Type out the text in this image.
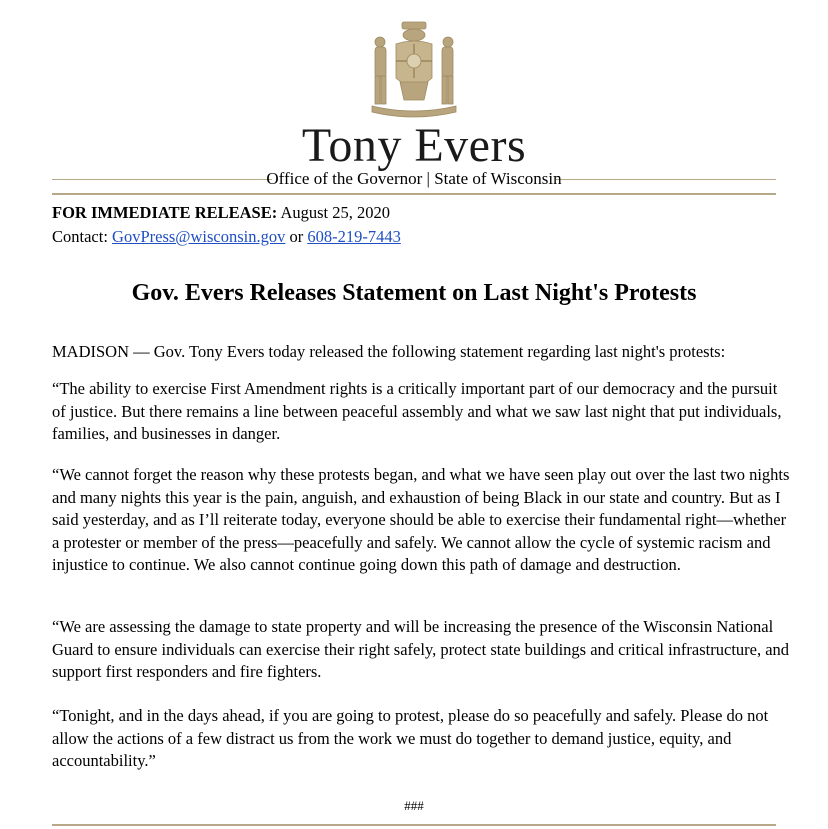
Tony Evers
Office of the Governor | State of Wisconsin
FOR IMMEDIATE RELEASE: August 25, 2020
Contact: GovPress@wisconsin.gov or 608-219-7443
Gov. Evers Releases Statement on Last Night's Protests
MADISON — Gov. Tony Evers today released the following statement regarding last night's protests:
“The ability to exercise First Amendment rights is a critically important part of our democracy and the pursuit of justice. But there remains a line between peaceful assembly and what we saw last night that put individuals, families, and businesses in danger.
“We cannot forget the reason why these protests began, and what we have seen play out over the last two nights and many nights this year is the pain, anguish, and exhaustion of being Black in our state and country. But as I said yesterday, and as I’ll reiterate today, everyone should be able to exercise their fundamental right—whether a protester or member of the press—peacefully and safely. We cannot allow the cycle of systemic racism and injustice to continue. We also cannot continue going down this path of damage and destruction.
“We are assessing the damage to state property and will be increasing the presence of the Wisconsin National Guard to ensure individuals can exercise their right safely, protect state buildings and critical infrastructure, and support first responders and fire fighters.
“Tonight, and in the days ahead, if you are going to protest, please do so peacefully and safely. Please do not allow the actions of a few distract us from the work we must do together to demand justice, equity, and accountability.”
###
